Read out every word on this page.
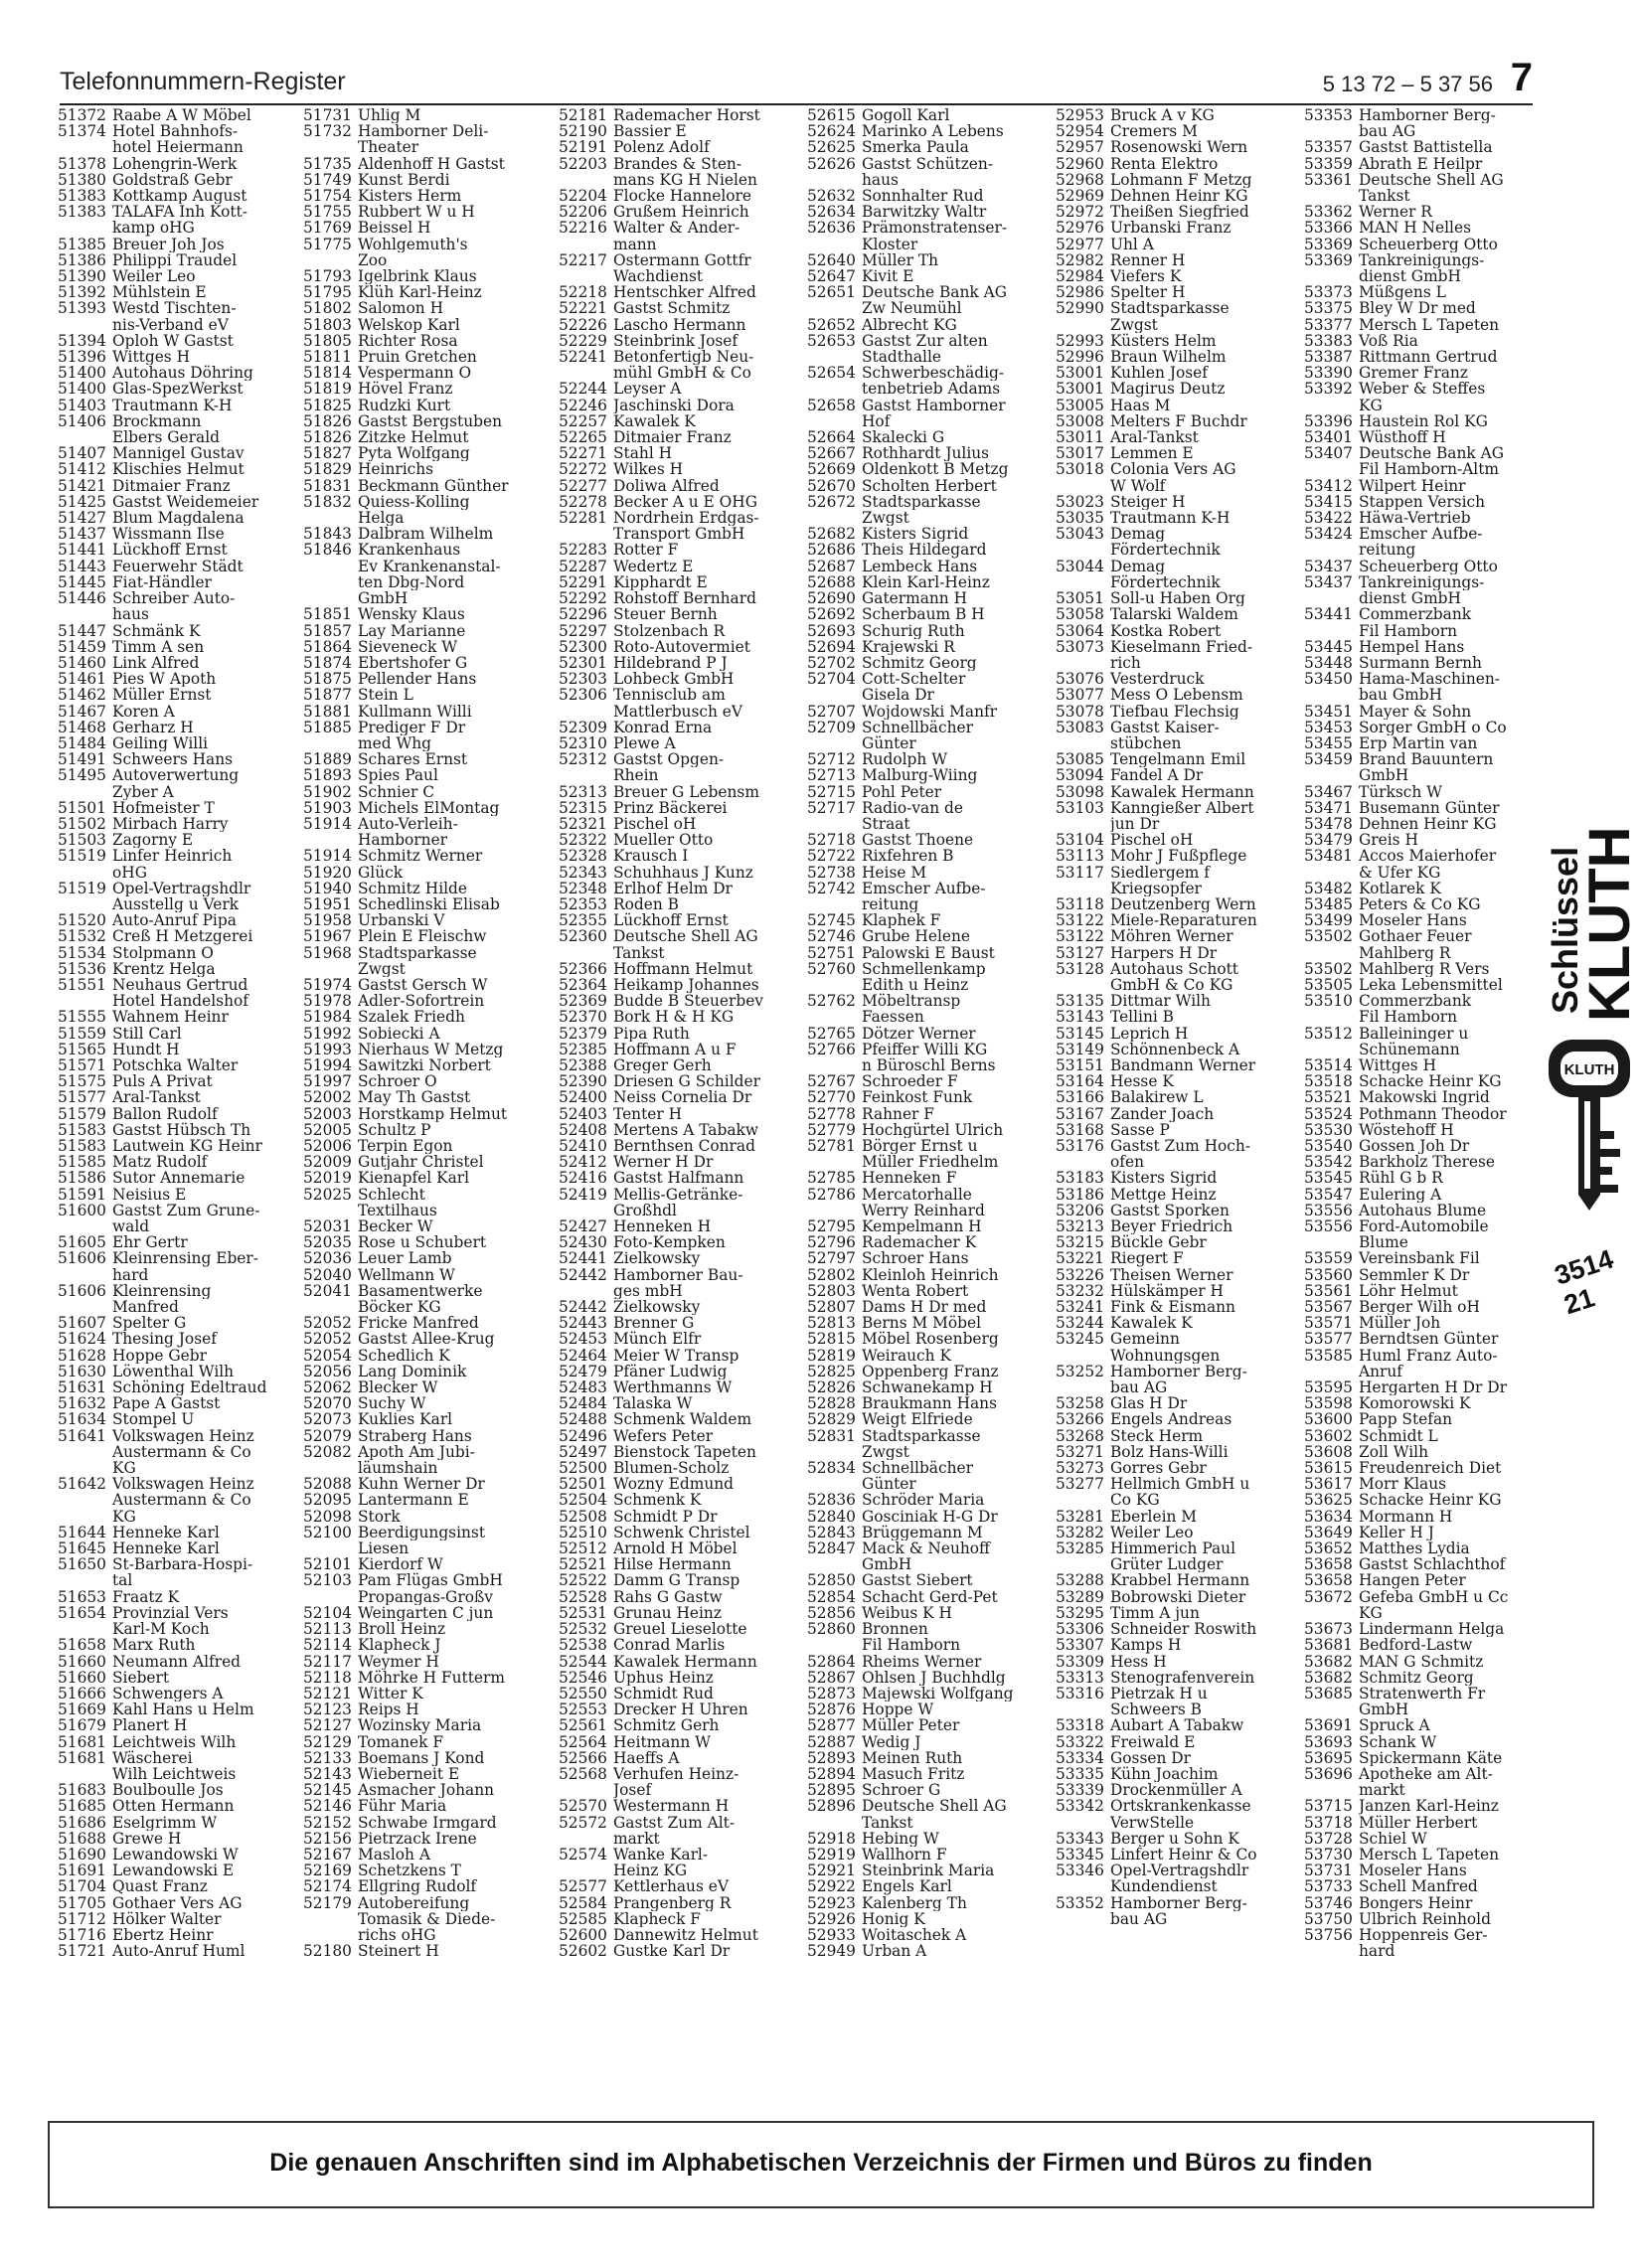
Telefonnummern-Register	5 13 72 – 5 37 56 7
51372 Raabe A W Möbel
51374 Hotel Bahnhofs-
hotel Heiermann
51378 Lohengrin-Werk
51380 Goldstraß Gebr
51383 Kottkamp August
51383 TALAFA Inh Kott-
kamp oHG
51385 Breuer Joh Jos
51386 Philippi Traudel
51390 Weiler Leo
51392 Mühlstein E
51393 Westd Tischten-
nis-Verband eV
51394 Oploh W Gastst
51396 Wittges H
51400 Autohaus Döhring
51400 Glas-SpezWerkst
51403 Trautmann K-H
51406 Brockmann
Elbers Gerald
51407 Mannigel Gustav
51412 Klischies Helmut
51421 Ditmaier Franz
51425 Gastst Weidemeier
51427 Blum Magdalena
51437 Wissmann Ilse
51441 Lückhoff Ernst
51443 Feuerwehr Städt
51445 Fiat-Händler
51446 Schreiber Auto-
haus
51447 Schmänk K
51459 Timm A sen
51460 Link Alfred
51461 Pies W Apoth
51462 Müller Ernst
51467 Koren A
51468 Gerharz H
51484 Geiling Willi
51491 Schweers Hans
51495 Autoverwertung
Zyber A
51501 Hofmeister T
51502 Mirbach Harry
51503 Zagorny E
51519 Linfer Heinrich
oHG
51519 Opel-Vertragshdlr
Ausstellg u Verk
51520 Auto-Anruf Pipa
51532 Creß H Metzgerei
51534 Stolpmann O
51536 Krentz Helga
51551 Neuhaus Gertrud
Hotel Handelshof
51555 Wahnem Heinr
51559 Still Carl
51565 Hundt H
51571 Potschka Walter
51575 Puls A Privat
51577 Aral-Tankst
51579 Ballon Rudolf
51583 Gastst Hübsch Th
51583 Lautwein KG Heinr
51585 Matz Rudolf
51586 Sutor Annemarie
51591 Neisius E
51600 Gastst Zum Grune-
wald
51605 Ehr Gertr
51606 Kleinrensing Eber-
hard
51606 Kleinrensing
Manfred
51607 Spelter G
51624 Thesing Josef
51628 Hoppe Gebr
51630 Löwenthal Wilh
51631 Schöning Edeltraud
51632 Pape A Gastst
51634 Stompel U
51641 Volkswagen Heinz
Austermann & Co
KG
51642 Volkswagen Heinz
Austermann & Co
KG
51644 Henneke Karl
51645 Henneke Karl
51650 St-Barbara-Hospi-
tal
51653 Fraatz K
51654 Provinzial Vers
Karl-M Koch
51658 Marx Ruth
51660 Neumann Alfred
51660 Siebert
51666 Schwengers A
51669 Kahl Hans u Helm
51679 Planert H
51681 Leichtweis Wilh
51681 Wäscherei
Wilh Leichtweis
51683 Boulboulle Jos
51685 Otten Hermann
51686 Eselgrimm W
51688 Grewe H
51690 Lewandowski W
51691 Lewandowski E
51704 Quast Franz
51705 Gothaer Vers AG
51712 Hölker Walter
51716 Ebertz Heinr
51721 Auto-Anruf Huml
51731 Uhlig M
51732 Hamborner Deli-
Theater
51735 Aldenhoff H Gastst
51749 Kunst Berdi
51754 Kisters Herm
51755 Rubbert W u H
51769 Beissel H
51775 Wohlgemuth's
Zoo
51793 Igelbrink Klaus
51795 Klüh Karl-Heinz
51802 Salomon H
51803 Welskop Karl
51805 Richter Rosa
51811 Pruin Gretchen
51814 Vespermann O
51819 Hövel Franz
51825 Rudzki Kurt
51826 Gastst Bergstuben
51826 Zitzke Helmut
51827 Pyta Wolfgang
51829 Heinrichs
51831 Beckmann Günther
51832 Quiess-Kolling
Helga
51843 Dalbram Wilhelm
51846 Krankenhaus
Ev Krankenanstal-
ten Dbg-Nord
GmbH
51851 Wensky Klaus
51857 Lay Marianne
51864 Sieveneck W
51874 Ebertshofer G
51875 Pellender Hans
51877 Stein L
51881 Kullmann Willi
51885 Prediger F Dr
med Whg
51889 Schares Ernst
51893 Spies Paul
51902 Schnier C
51903 Michels ElMontag
51914 Auto-Verleih-
Hamborner
51914 Schmitz Werner
51920 Glück
51940 Schmitz Hilde
51951 Schedlinski Elisab
51958 Urbanski V
51967 Plein E Fleischw
51968 Stadtsparkasse
Zwgst
51974 Gastst Gersch W
51978 Adler-Sofortrein
51984 Szalek Friedh
51992 Sobiecki A
51993 Nierhaus W Metzg
51994 Sawitzki Norbert
51997 Schroer O
52002 May Th Gastst
52003 Horstkamp Helmut
52005 Schultz P
52006 Terpin Egon
52009 Gutjahr Christel
52019 Kienapfel Karl
52025 Schlecht
Textilhaus
52031 Becker W
52035 Rose u Schubert
52036 Leuer Lamb
52040 Wellmann W
52041 Basamentwerke
Böcker KG
52052 Fricke Manfred
52052 Gastst Allee-Krug
52054 Schedlich K
52056 Lang Dominik
52062 Blecker W
52070 Suchy W
52073 Kuklies Karl
52079 Straberg Hans
52082 Apoth Am Jubi-
läumshain
52088 Kuhn Werner Dr
52095 Lantermann E
52098 Stork
52100 Beerdigungsinst
Liesen
52101 Kierdorf W
52103 Pam Flügas GmbH
Propangas-Großv
52104 Weingarten C jun
52113 Broll Heinz
52114 Klapheck J
52117 Weymer H
52118 Möhrke H Futterm
52121 Witter K
52123 Reips H
52127 Wozinsky Maria
52129 Tomanek F
52133 Boemans J Kond
52143 Wieberneit E
52145 Asmacher Johann
52146 Führ Maria
52152 Schwabe Irmgard
52156 Pietrzack Irene
52167 Masloh A
52169 Schetzkens T
52174 Ellgring Rudolf
52179 Autobereifung
Tomasik & Diede-
richs oHG
52180 Steinert H
52181 Rademacher Horst
52190 Bassier E
52191 Polenz Adolf
52203 Brandes & Sten-
mans KG H Nielen
52204 Flocke Hannelore
52206 Grußem Heinrich
52216 Walter & Ander-
mann
52217 Ostermann Gottfr
Wachdienst
52218 Hentschker Alfred
52221 Gastst Schmitz
52226 Lascho Hermann
52229 Steinbrink Josef
52241 Betonfertigb Neu-
mühl GmbH & Co
52244 Leyser A
52246 Jaschinski Dora
52257 Kawalek K
52265 Ditmaier Franz
52271 Stahl H
52272 Wilkes H
52277 Doliwa Alfred
52278 Becker A u E OHG
52281 Nordrhein Erdgas-
Transport GmbH
52283 Rotter F
52287 Wedertz E
52291 Kipphardt E
52292 Rohstoff Bernhard
52296 Steuer Bernh
52297 Stolzenbach R
52300 Roto-Autovermiet
52301 Hildebrand P J
52303 Lohbeck GmbH
52306 Tennisclub am
Mattlerbusch eV
52309 Konrad Erna
52310 Plewe A
52312 Gastst Opgen-
Rhein
52313 Breuer G Lebensm
52315 Prinz Bäckerei
52321 Pischel oH
52322 Mueller Otto
52328 Krausch I
52343 Schuhhaus J Kunz
52348 Erlhof Helm Dr
52353 Roden B
52355 Lückhoff Ernst
52360 Deutsche Shell AG
Tankst
52366 Hoffmann Helmut
52364 Heikamp Johannes
52369 Budde B Steuerbev
52370 Bork H & H KG
52379 Pipa Ruth
52385 Hoffmann A u F
52388 Greger Gerh
52390 Driesen G Schilder
52400 Neiss Cornelia Dr
52403 Tenter H
52408 Mertens A Tabakw
52410 Bernthsen Conrad
52412 Werner H Dr
52416 Gastst Halfmann
52419 Mellis-Getränke-
Großhdl
52427 Henneken H
52430 Foto-Kempken
52441 Zielkowsky
52442 Hamborner Bau-
ges mbH
52442 Zielkowsky
52443 Brenner G
52453 Münch Elfr
52464 Meier W Transp
52479 Pfäner Ludwig
52483 Werthmanns W
52484 Talaska W
52488 Schmenk Waldem
52496 Wefers Peter
52497 Bienstock Tapeten
52500 Blumen-Scholz
52501 Wozny Edmund
52504 Schmenk K
52508 Schmidt P Dr
52510 Schwenk Christel
52512 Arnold H Möbel
52521 Hilse Hermann
52522 Damm G Transp
52528 Rahs G Gastw
52531 Grunau Heinz
52532 Greuel Lieselotte
52538 Conrad Marlis
52544 Kawalek Hermann
52546 Uphus Heinz
52550 Schmidt Rud
52553 Drecker H Uhren
52561 Schmitz Gerh
52564 Heitmann W
52566 Haeffs A
52568 Verhufen Heinz-
Josef
52570 Westermann H
52572 Gastst Zum Alt-
markt
52574 Wanke Karl-
Heinz KG
52577 Kettlerhaus eV
52584 Prangenberg R
52585 Klapheck F
52600 Dannewitz Helmut
52602 Gustke Karl Dr
52615 Gogoll Karl
52624 Marinko A Lebens
52625 Smerka Paula
52626 Gastst Schützen-
haus
52632 Sonnhalter Rud
52634 Barwitzky Waltr
52636 Prämonstratenser-
Kloster
52640 Müller Th
52647 Kivit E
52651 Deutsche Bank AG
Zw Neumühl
52652 Albrecht KG
52653 Gastst Zur alten
Stadthalle
52654 Schwerbeschädig-
tenbetrieb Adams
52658 Gastst Hamborner
Hof
52664 Skalecki G
52667 Rothhardt Julius
52669 Oldenkott B Metzg
52670 Scholten Herbert
52672 Stadtsparkasse
Zwgst
52682 Kisters Sigrid
52686 Theis Hildegard
52687 Lembeck Hans
52688 Klein Karl-Heinz
52690 Gatermann H
52692 Scherbaum B H
52693 Schurig Ruth
52694 Krajewski R
52702 Schmitz Georg
52704 Cott-Schelter
Gisela Dr
52707 Wojdowski Manfr
52709 Schnellbächer
Günter
52712 Rudolph W
52713 Malburg-Wiing
52715 Pohl Peter
52717 Radio-van de
Straat
52718 Gastst Thoene
52722 Rixfehren B
52738 Heise M
52742 Emscher Aufbe-
reitung
52745 Klaphek F
52746 Grube Helene
52751 Palowski E Baust
52760 Schmellenkamp
Edith u Heinz
52762 Möbeltransp
Faessen
52765 Dötzer Werner
52766 Pfeiffer Willi KG
n Büroschl Berns
52767 Schroeder F
52770 Feinkost Funk
52778 Rahner F
52779 Hochgürtel Ulrich
52781 Börger Ernst u
Müller Friedhelm
52785 Henneken F
52786 Mercatorhalle
Werry Reinhard
52795 Kempelmann H
52796 Rademacher K
52797 Schroer Hans
52802 Kleinloh Heinrich
52803 Wenta Robert
52807 Dams H Dr med
52813 Berns M Möbel
52815 Möbel Rosenberg
52819 Weirauch K
52825 Oppenberg Franz
52826 Schwanekamp H
52828 Braukmann Hans
52829 Weigt Elfriede
52831 Stadtsparkasse
Zwgst
52834 Schnellbächer
Günter
52836 Schröder Maria
52840 Gosciniak H-G Dr
52843 Brüggemann M
52847 Mack & Neuhoff
GmbH
52850 Gastst Siebert
52854 Schacht Gerd-Pet
52856 Weibus K H
52860 Bronnen
Fil Hamborn
52864 Rheims Werner
52867 Ohlsen J Buchhdlg
52873 Majewski Wolfgang
52876 Hoppe W
52877 Müller Peter
52887 Wedig J
52893 Meinen Ruth
52894 Masuch Fritz
52895 Schroer G
52896 Deutsche Shell AG
Tankst
52918 Hebing W
52919 Wallhorn F
52921 Steinbrink Maria
52922 Engels Karl
52923 Kalenberg Th
52926 Honig K
52933 Woitaschek A
52949 Urban A
52953 Bruck A v KG
52954 Cremers M
52957 Rosenowski Wern
52960 Renta Elektro
52968 Lohmann F Metzg
52969 Dehnen Heinr KG
52972 Theißen Siegfried
52976 Urbanski Franz
52977 Uhl A
52982 Renner H
52984 Viefers K
52986 Spelter H
52990 Stadtsparkasse
Zwgst
52993 Küsters Helm
52996 Braun Wilhelm
53001 Kuhlen Josef
53001 Magirus Deutz
53005 Haas M
53008 Melters F Buchdr
53011 Aral-Tankst
53017 Lemmen E
53018 Colonia Vers AG
W Wolf
53023 Steiger H
53035 Trautmann K-H
53043 Demag
Fördertechnik
53044 Demag
Fördertechnik
53051 Soll-u Haben Org
53058 Talarski Waldem
53064 Kostka Robert
53073 Kieselmann Fried-
rich
53076 Vesterdruck
53077 Mess O Lebensm
53078 Tiefbau Flechsig
53083 Gastst Kaiser-
stübchen
53085 Tengelmann Emil
53094 Fandel A Dr
53098 Kawalek Hermann
53103 Kanngießer Albert
jun Dr
53104 Pischel oH
53113 Mohr J Fußpflege
53117 Siedlergem f
Kriegsopfer
53118 Deutzenberg Wern
53122 Miele-Reparaturen
53122 Möhren Werner
53127 Harpers H Dr
53128 Autohaus Schott
GmbH & Co KG
53135 Dittmar Wilh
53143 Tellini B
53145 Leprich H
53149 Schönnenbeck A
53151 Bandmann Werner
53164 Hesse K
53166 Balakirew L
53167 Zander Joach
53168 Sasse P
53176 Gastst Zum Hoch-
ofen
53183 Kisters Sigrid
53186 Mettge Heinz
53206 Gastst Sporken
53213 Beyer Friedrich
53215 Bückle Gebr
53221 Riegert F
53226 Theisen Werner
53232 Hülskämper H
53241 Fink & Eismann
53244 Kawalek K
53245 Gemeinn
Wohnungsgen
53252 Hamborner Berg-
bau AG
53258 Glas H Dr
53266 Engels Andreas
53268 Steck Herm
53271 Bolz Hans-Willi
53273 Gorres Gebr
53277 Hellmich GmbH u
Co KG
53281 Eberlein M
53282 Weiler Leo
53285 Himmerich Paul
Grüter Ludger
53288 Krabbel Hermann
53289 Bobrowski Dieter
53295 Timm A jun
53306 Schneider Roswith
53307 Kamps H
53309 Hess H
53313 Stenografenverein
53316 Pietrzak H u
Schweers B
53318 Aubart A Tabakw
53322 Freiwald E
53334 Gossen Dr
53335 Kühn Joachim
53339 Drockenmüller A
53342 Ortskrankenkasse
VerwStelle
53343 Berger u Sohn K
53345 Linfert Heinr & Co
53346 Opel-Vertragshdlr
Kundendienst
53352 Hamborner Berg-
bau AG
53353 Hamborner Berg-
bau AG
53357 Gastst Battistella
53359 Abrath E Heilpr
53361 Deutsche Shell AG
Tankst
53362 Werner R
53366 MAN H Nelles
53369 Scheuerberg Otto
53369 Tankreinigungs-
dienst GmbH
53373 Müßgens L
53375 Bley W Dr med
53377 Mersch L Tapeten
53383 Voß Ria
53387 Rittmann Gertrud
53390 Gremer Franz
53392 Weber & Steffes
KG
53396 Haustein Rol KG
53401 Wüsthoff H
53407 Deutsche Bank AG
Fil Hamborn-Altm
53412 Wilpert Heinr
53415 Stappen Versich
53422 Häwa-Vertrieb
53424 Emscher Aufbe-
reitung
53437 Scheuerberg Otto
53437 Tankreinigungs-
dienst GmbH
53441 Commerzbank
Fil Hamborn
53445 Hempel Hans
53448 Surmann Bernh
53450 Hama-Maschinen-
bau GmbH
53451 Mayer & Sohn
53453 Sorger GmbH o Co
53455 Erp Martin van
53459 Brand Bauuntern
GmbH
53467 Türksch W
53471 Busemann Günter
53478 Dehnen Heinr KG
53479 Greis H
53481 Accos Maierhofer
& Ufer KG
53482 Kotlarek K
53485 Peters & Co KG
53499 Moseler Hans
53502 Gothaer Feuer
Mahlberg R
53502 Mahlberg R Vers
53505 Leka Lebensmittel
53510 Commerzbank
Fil Hamborn
53512 Balleininger u
Schünemann
53514 Wittges H
53518 Schacke Heinr KG
53521 Makowski Ingrid
53524 Pothmann Theodor
53530 Wöstehoff H
53540 Gossen Joh Dr
53542 Barkholz Therese
53545 Rühl G b R
53547 Eulering A
53556 Autohaus Blume
53556 Ford-Automobile
Blume
53559 Vereinsbank Fil
53560 Semmler K Dr
53561 Löhr Helmut
53567 Berger Wilh oH
53571 Müller Joh
53577 Berndtsen Günter
53585 Huml Franz Auto-
Anruf
53595 Hergarten H Dr Dr
53598 Komorowski K
53600 Papp Stefan
53602 Schmidt L
53608 Zoll Wilh
53615 Freudenreich Diet
53617 Morr Klaus
53625 Schacke Heinr KG
53634 Mormann H
53649 Keller H J
53652 Matthes Lydia
53658 Gastst Schlachthof
53658 Hangen Peter
53672 Gefeba GmbH u Cc
KG
53673 Lindermann Helga
53681 Bedford-Lastw
53682 MAN G Schmitz
53682 Schmitz Georg
53685 Stratenwerth Fr
GmbH
53691 Spruck A
53693 Schank W
53695 Spickermann Käte
53696 Apotheke am Alt-
markt
53715 Janzen Karl-Heinz
53718 Müller Herbert
53728 Schiel W
53730 Mersch L Tapeten
53731 Moseler Hans
53733 Schell Manfred
53746 Bongers Heinr
53750 Ulbrich Reinhold
53756 Hoppenreis Ger-
hard
Schlüssel
KLUTH
KLUTH
3514 21
Die genauen Anschriften sind im Alphabetischen Verzeichnis der Firmen und Büros zu finden
